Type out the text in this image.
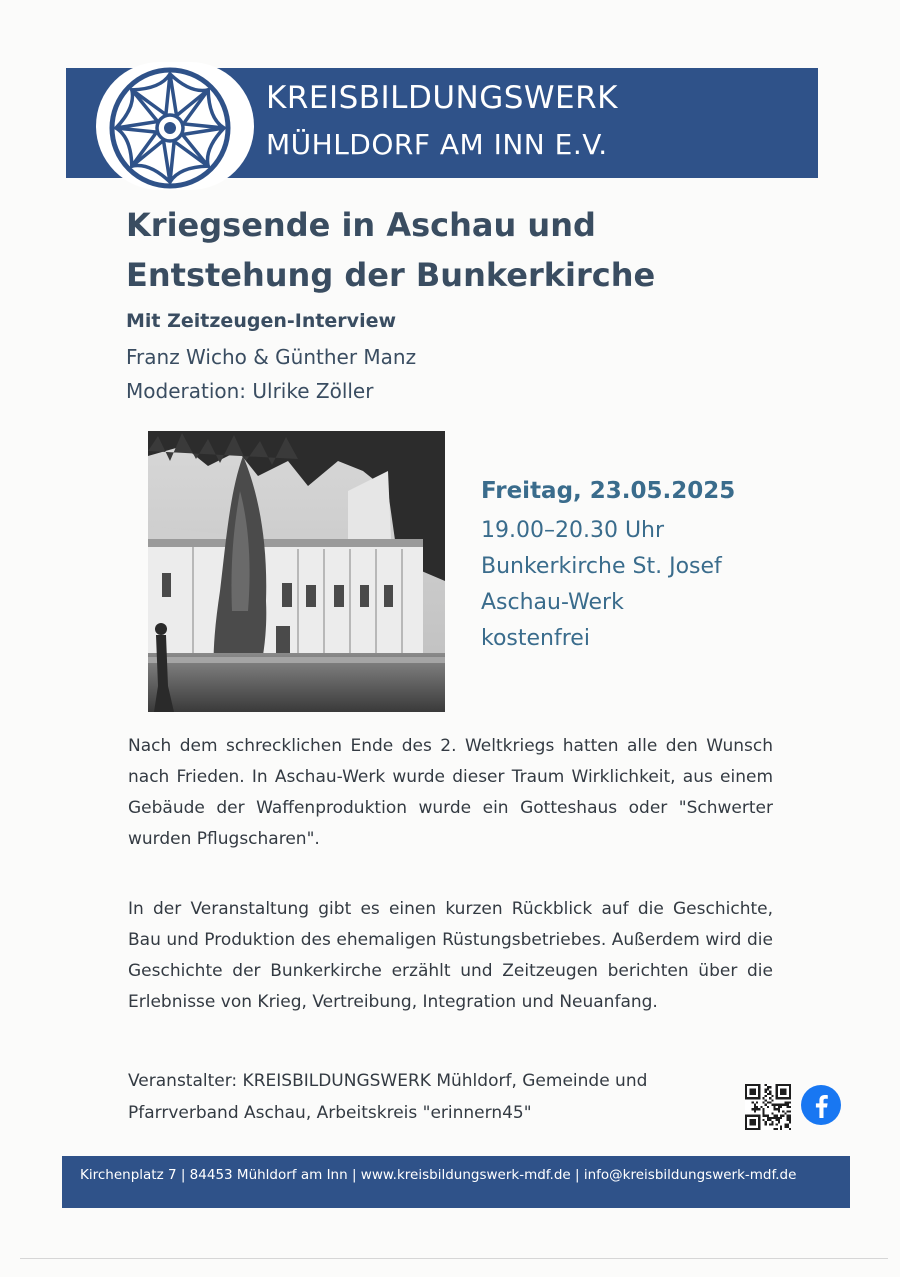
KREISBILDUNGSWERK
MÜHLDORF AM INN E.V.
Kriegsende in Aschau und
Entstehung der Bunkerkirche
Mit Zeitzeugen-Interview
Franz Wicho & Günther Manz
Moderation: Ulrike Zöller
Freitag, 23.05.2025
19.00–20.30 Uhr
Bunkerkirche St. Josef
Aschau-Werk
kostenfrei
Nach dem schrecklichen Ende des 2. Weltkriegs hatten alle den Wunsch nach Frieden. In Aschau-Werk wurde dieser Traum Wirklichkeit, aus einem Gebäude der Waffenproduktion wurde ein Gotteshaus oder "Schwerter wurden Pflugscharen".
In der Veranstaltung gibt es einen kurzen Rückblick auf die Geschichte, Bau und Produktion des ehemaligen Rüstungsbetriebes. Außerdem wird die Geschichte der Bunkerkirche erzählt und Zeitzeugen berichten über die Erlebnisse von Krieg, Vertreibung, Integration und Neuanfang.
Veranstalter: KREISBILDUNGSWERK Mühldorf, Gemeinde und
Pfarrverband Aschau, Arbeitskreis "erinnern45"
Kirchenplatz 7 | 84453 Mühldorf am Inn | www.kreisbildungswerk-mdf.de | info@kreisbildungswerk-mdf.de
